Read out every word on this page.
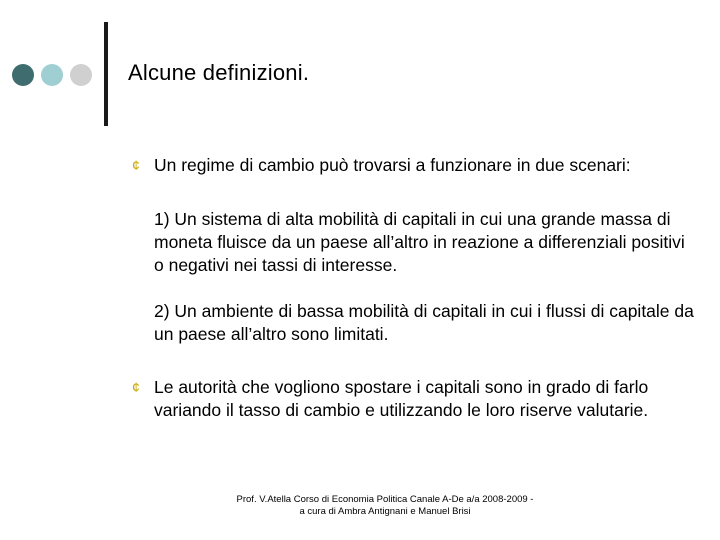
Alcune definizioni.
¢ Un regime di cambio può trovarsi a funzionare in due scenari:
1) Un sistema di alta mobilità di capitali in cui una grande massa di moneta fluisce da un paese all’altro in reazione a differenziali positivi o negativi nei tassi di interesse.
2) Un ambiente di bassa mobilità di capitali in cui i flussi di capitale da un paese all’altro sono limitati.
¢ Le autorità che vogliono spostare i capitali sono in grado di farlo variando il tasso di cambio e utilizzando le loro riserve valutarie.
Prof. V.Atella Corso di Economia Politica Canale A-De a/a 2008-2009 -
a cura di Ambra Antignani e Manuel Brisi
